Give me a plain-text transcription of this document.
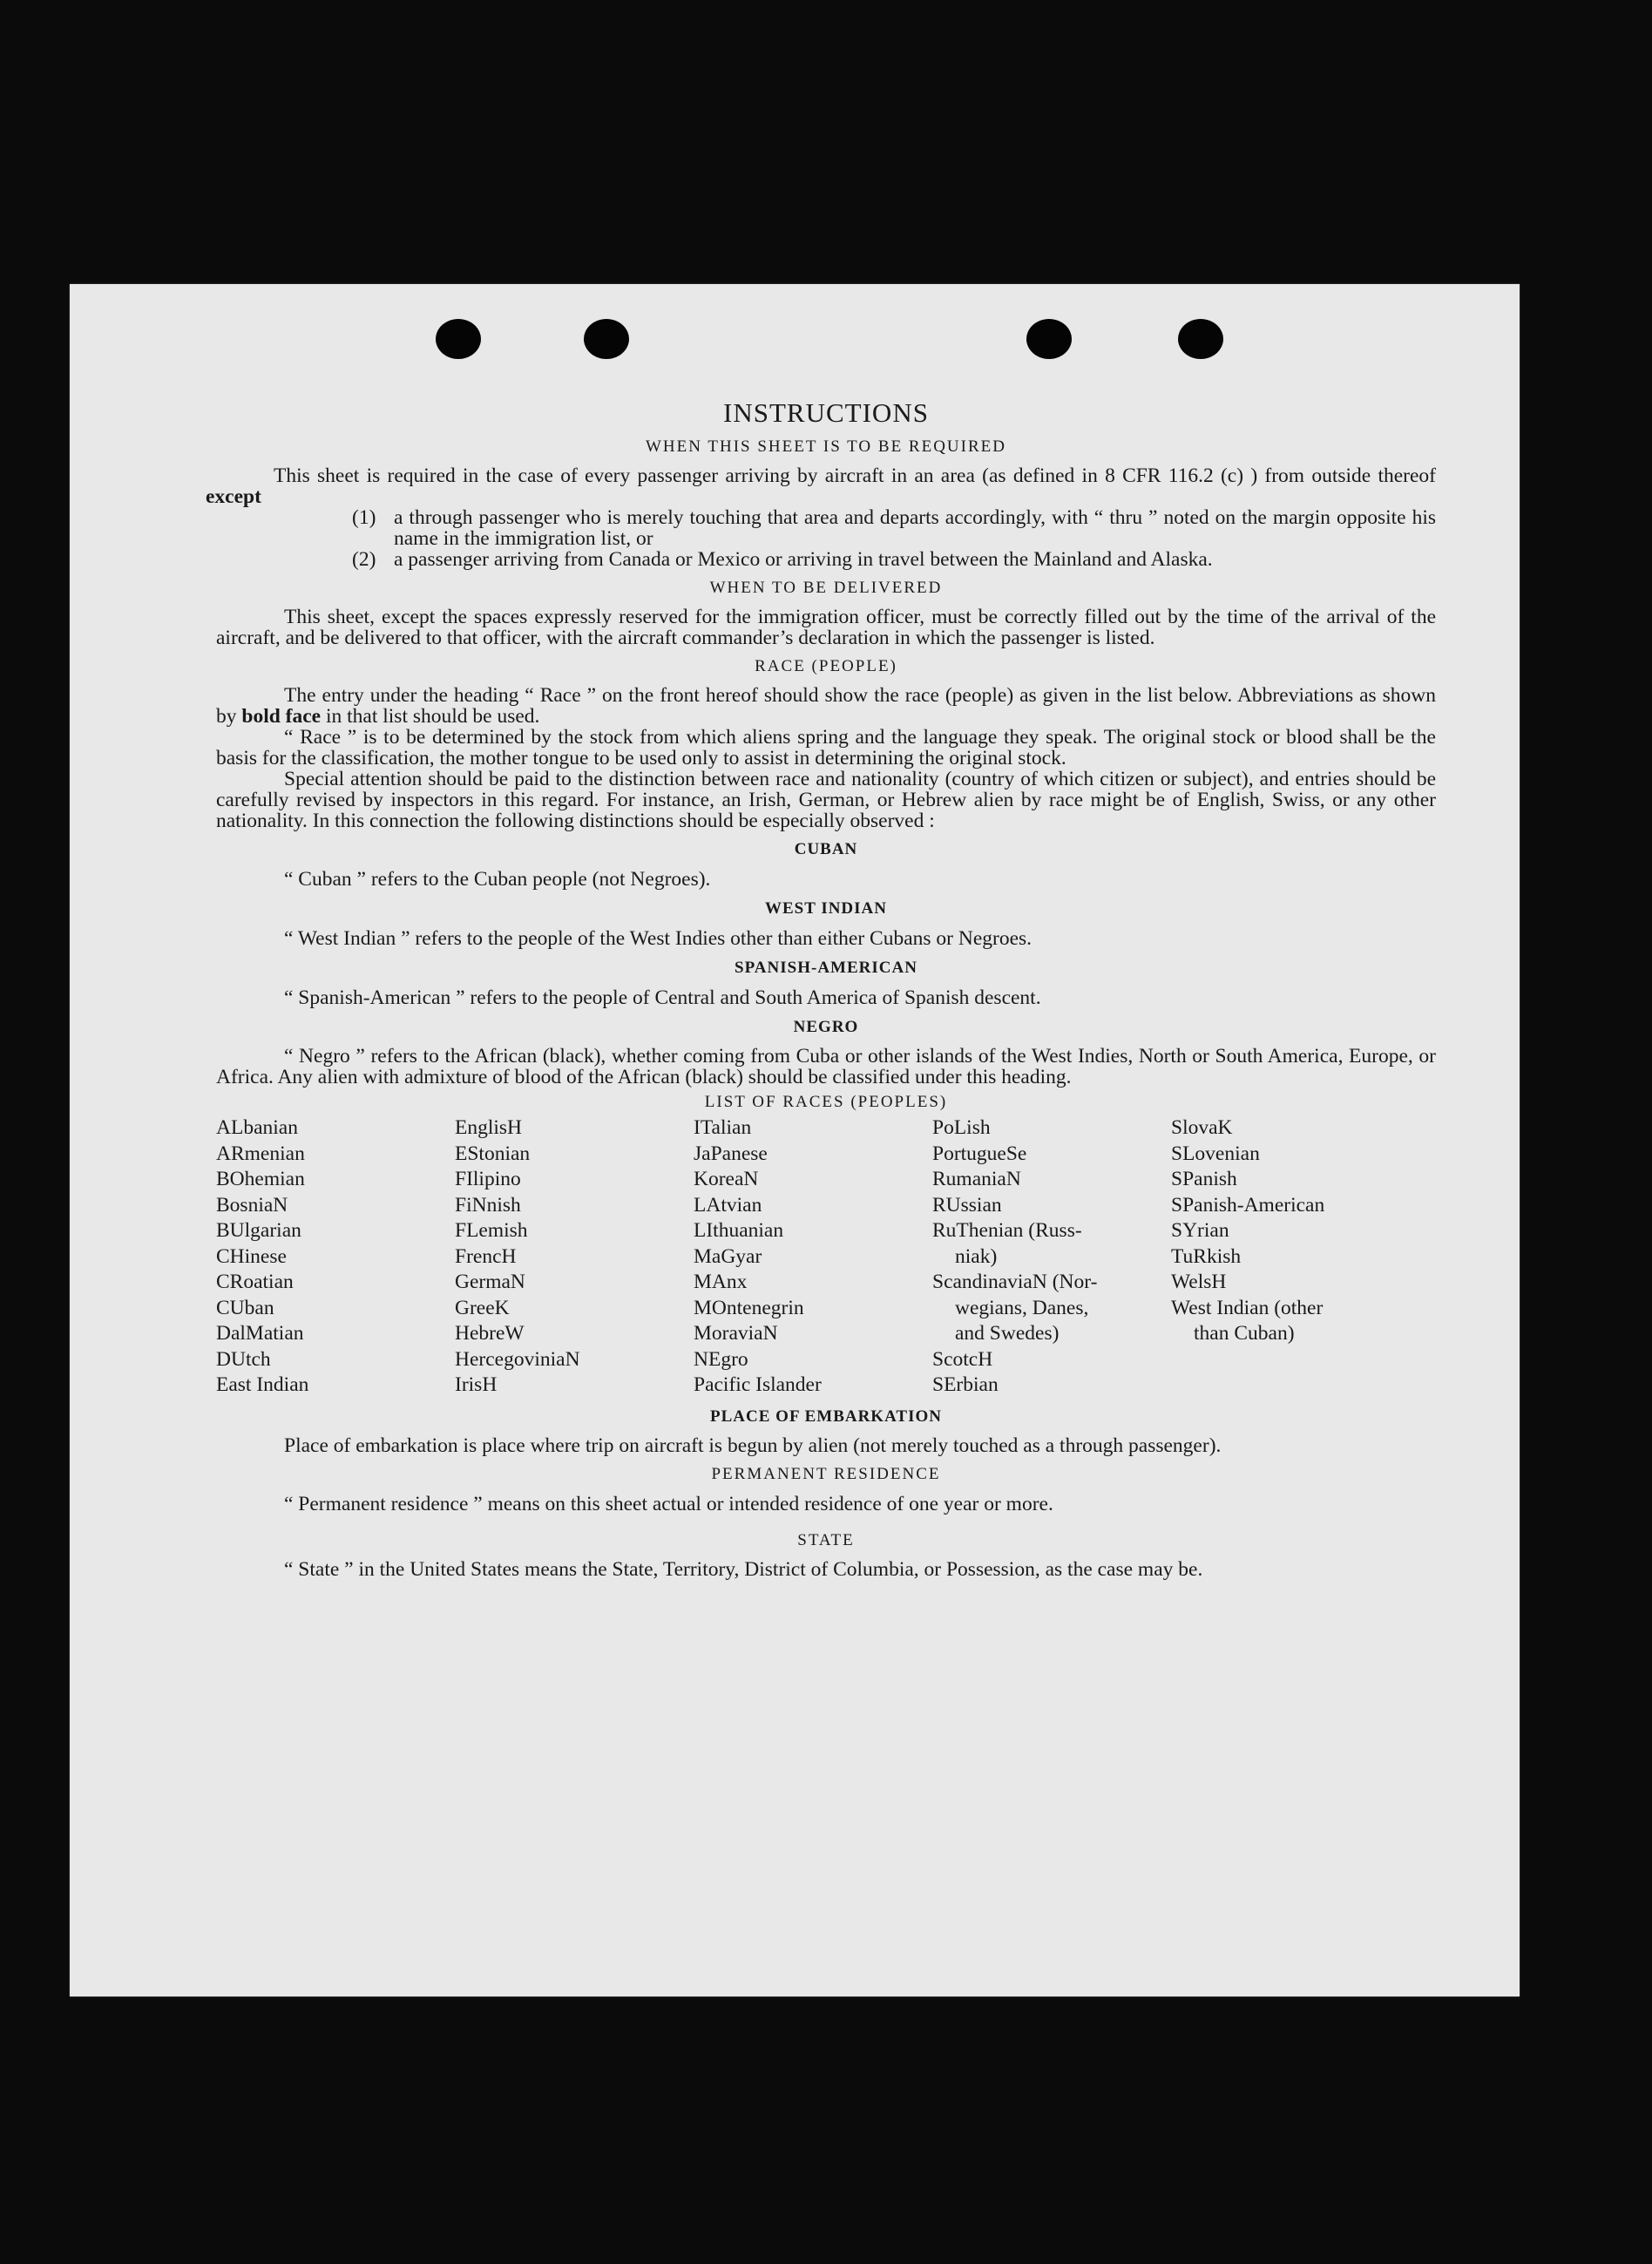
INSTRUCTIONS
WHEN THIS SHEET IS TO BE REQUIRED

This sheet is required in the case of every passenger arriving by aircraft in an area (as defined in 8 CFR 116.2 (c) ) from outside thereof except

(1) a through passenger who is merely touching that area and departs accordingly, with “ thru ” noted on the margin opposite his name in the immigration list, or
(2) a passenger arriving from Canada or Mexico or arriving in travel between the Mainland and Alaska.
WHEN TO BE DELIVERED

This sheet, except the spaces expressly reserved for the immigration officer, must be correctly filled out by the time of the arrival of the aircraft, and be delivered to that officer, with the aircraft commander’s declaration in which the passenger is listed.

RACE (PEOPLE)

The entry under the heading “ Race ” on the front hereof should show the race (people) as given in the list below. Abbreviations as shown by bold face in that list should be used.

“ Race ” is to be determined by the stock from which aliens spring and the language they speak. The original stock or blood shall be the basis for the classification, the mother tongue to be used only to assist in determining the original stock.

Special attention should be paid to the distinction between race and nationality (country of which citizen or subject), and entries should be carefully revised by inspectors in this regard. For instance, an Irish, German, or Hebrew alien by race might be of English, Swiss, or any other nationality. In this connection the following distinctions should be especially observed :

CUBAN
“ Cuban ” refers to the Cuban people (not Negroes).
WEST INDIAN
“ West Indian ” refers to the people of the West Indies other than either Cubans or Negroes.
SPANISH-AMERICAN
“ Spanish-American ” refers to the people of Central and South America of Spanish descent.
NEGRO

“ Negro ” refers to the African (black), whether coming from Cuba or other islands of the West Indies, North or South America, Europe, or Africa. Any alien with admixture of blood of the African (black) should be classified under this heading.

LIST OF RACES (PEOPLES)
ALbanian
ARmenian
BOhemian
BosniaN
BUlgarian
CHinese
CRoatian
CUban
DalMatian
DUtch
East Indian
EnglisH
EStonian
FIlipino
FiNnish
FLemish
FrencH
GermaN
GreeK
HebreW
HercegoviniaN
IrisH
ITalian
JaPanese
KoreaN
LAtvian
LIthuanian
MaGyar
MAnx
MOntenegrin
MoraviaN
NEgro
Pacific Islander
PoLish
PortugueSe
RumaniaN
RUssian
RuThenian (Russ-
niak)
ScandinaviaN (Nor-
wegians, Danes,
and Swedes)
ScotcH
SErbian
SlovaK
SLovenian
SPanish
SPanish-American
SYrian
TuRkish
WelsH
West Indian (other
than Cuban)
PLACE OF EMBARKATION

Place of embarkation is place where trip on aircraft is begun by alien (not merely touched as a through passenger).

PERMANENT RESIDENCE
“ Permanent residence ” means on this sheet actual or intended residence of one year or more.
STATE

“ State ” in the United States means the State, Territory, District of Columbia, or Possession, as the case may be.
